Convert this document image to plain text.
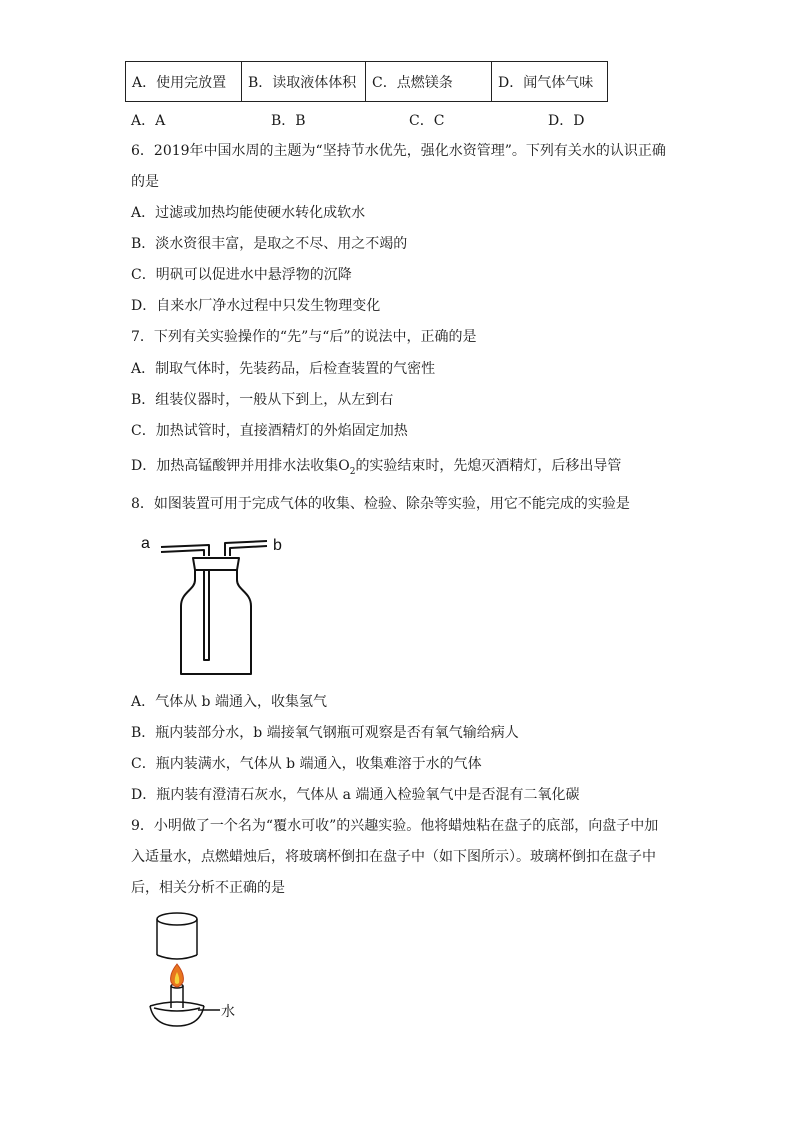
A．使用完放置	B．读取液体体积	C．点燃镁条	D．闻气体气味
A．A	B．B	C．C	D．D
6．2019年中国水周的主题为“坚持节水优先，强化水资管理”。下列有关水的认识正确
的是
A．过滤或加热均能使硬水转化成软水
B．淡水资很丰富，是取之不尽、用之不竭的
C．明矾可以促进水中悬浮物的沉降
D．自来水厂净水过程中只发生物理变化
7．下列有关实验操作的“先”与“后”的说法中，正确的是
A．制取气体时，先装药品，后检查装置的气密性
B．组装仪器时，一般从下到上，从左到右
C．加热试管时，直接酒精灯的外焰固定加热
D．加热高锰酸钾并用排水法收集$O_2$的实验结束时，先熄灭酒精灯，后移出导管
8．如图装置可用于完成气体的收集、检验、除杂等实验，用它不能完成的实验是
a	b
A．气体从 b 端通入，收集氢气
B．瓶内装部分水，b 端接氧气钢瓶可观察是否有氧气输给病人
C．瓶内装满水，气体从 b 端通入，收集难溶于水的气体
D．瓶内装有澄清石灰水，气体从 a 端通入检验氧气中是否混有二氧化碳
9．小明做了一个名为“覆水可收”的兴趣实验。他将蜡烛粘在盘子的底部，向盘子中加
入适量水，点燃蜡烛后，将玻璃杯倒扣在盘子中（如下图所示）。玻璃杯倒扣在盘子中
后，相关分析不正确的是
水
